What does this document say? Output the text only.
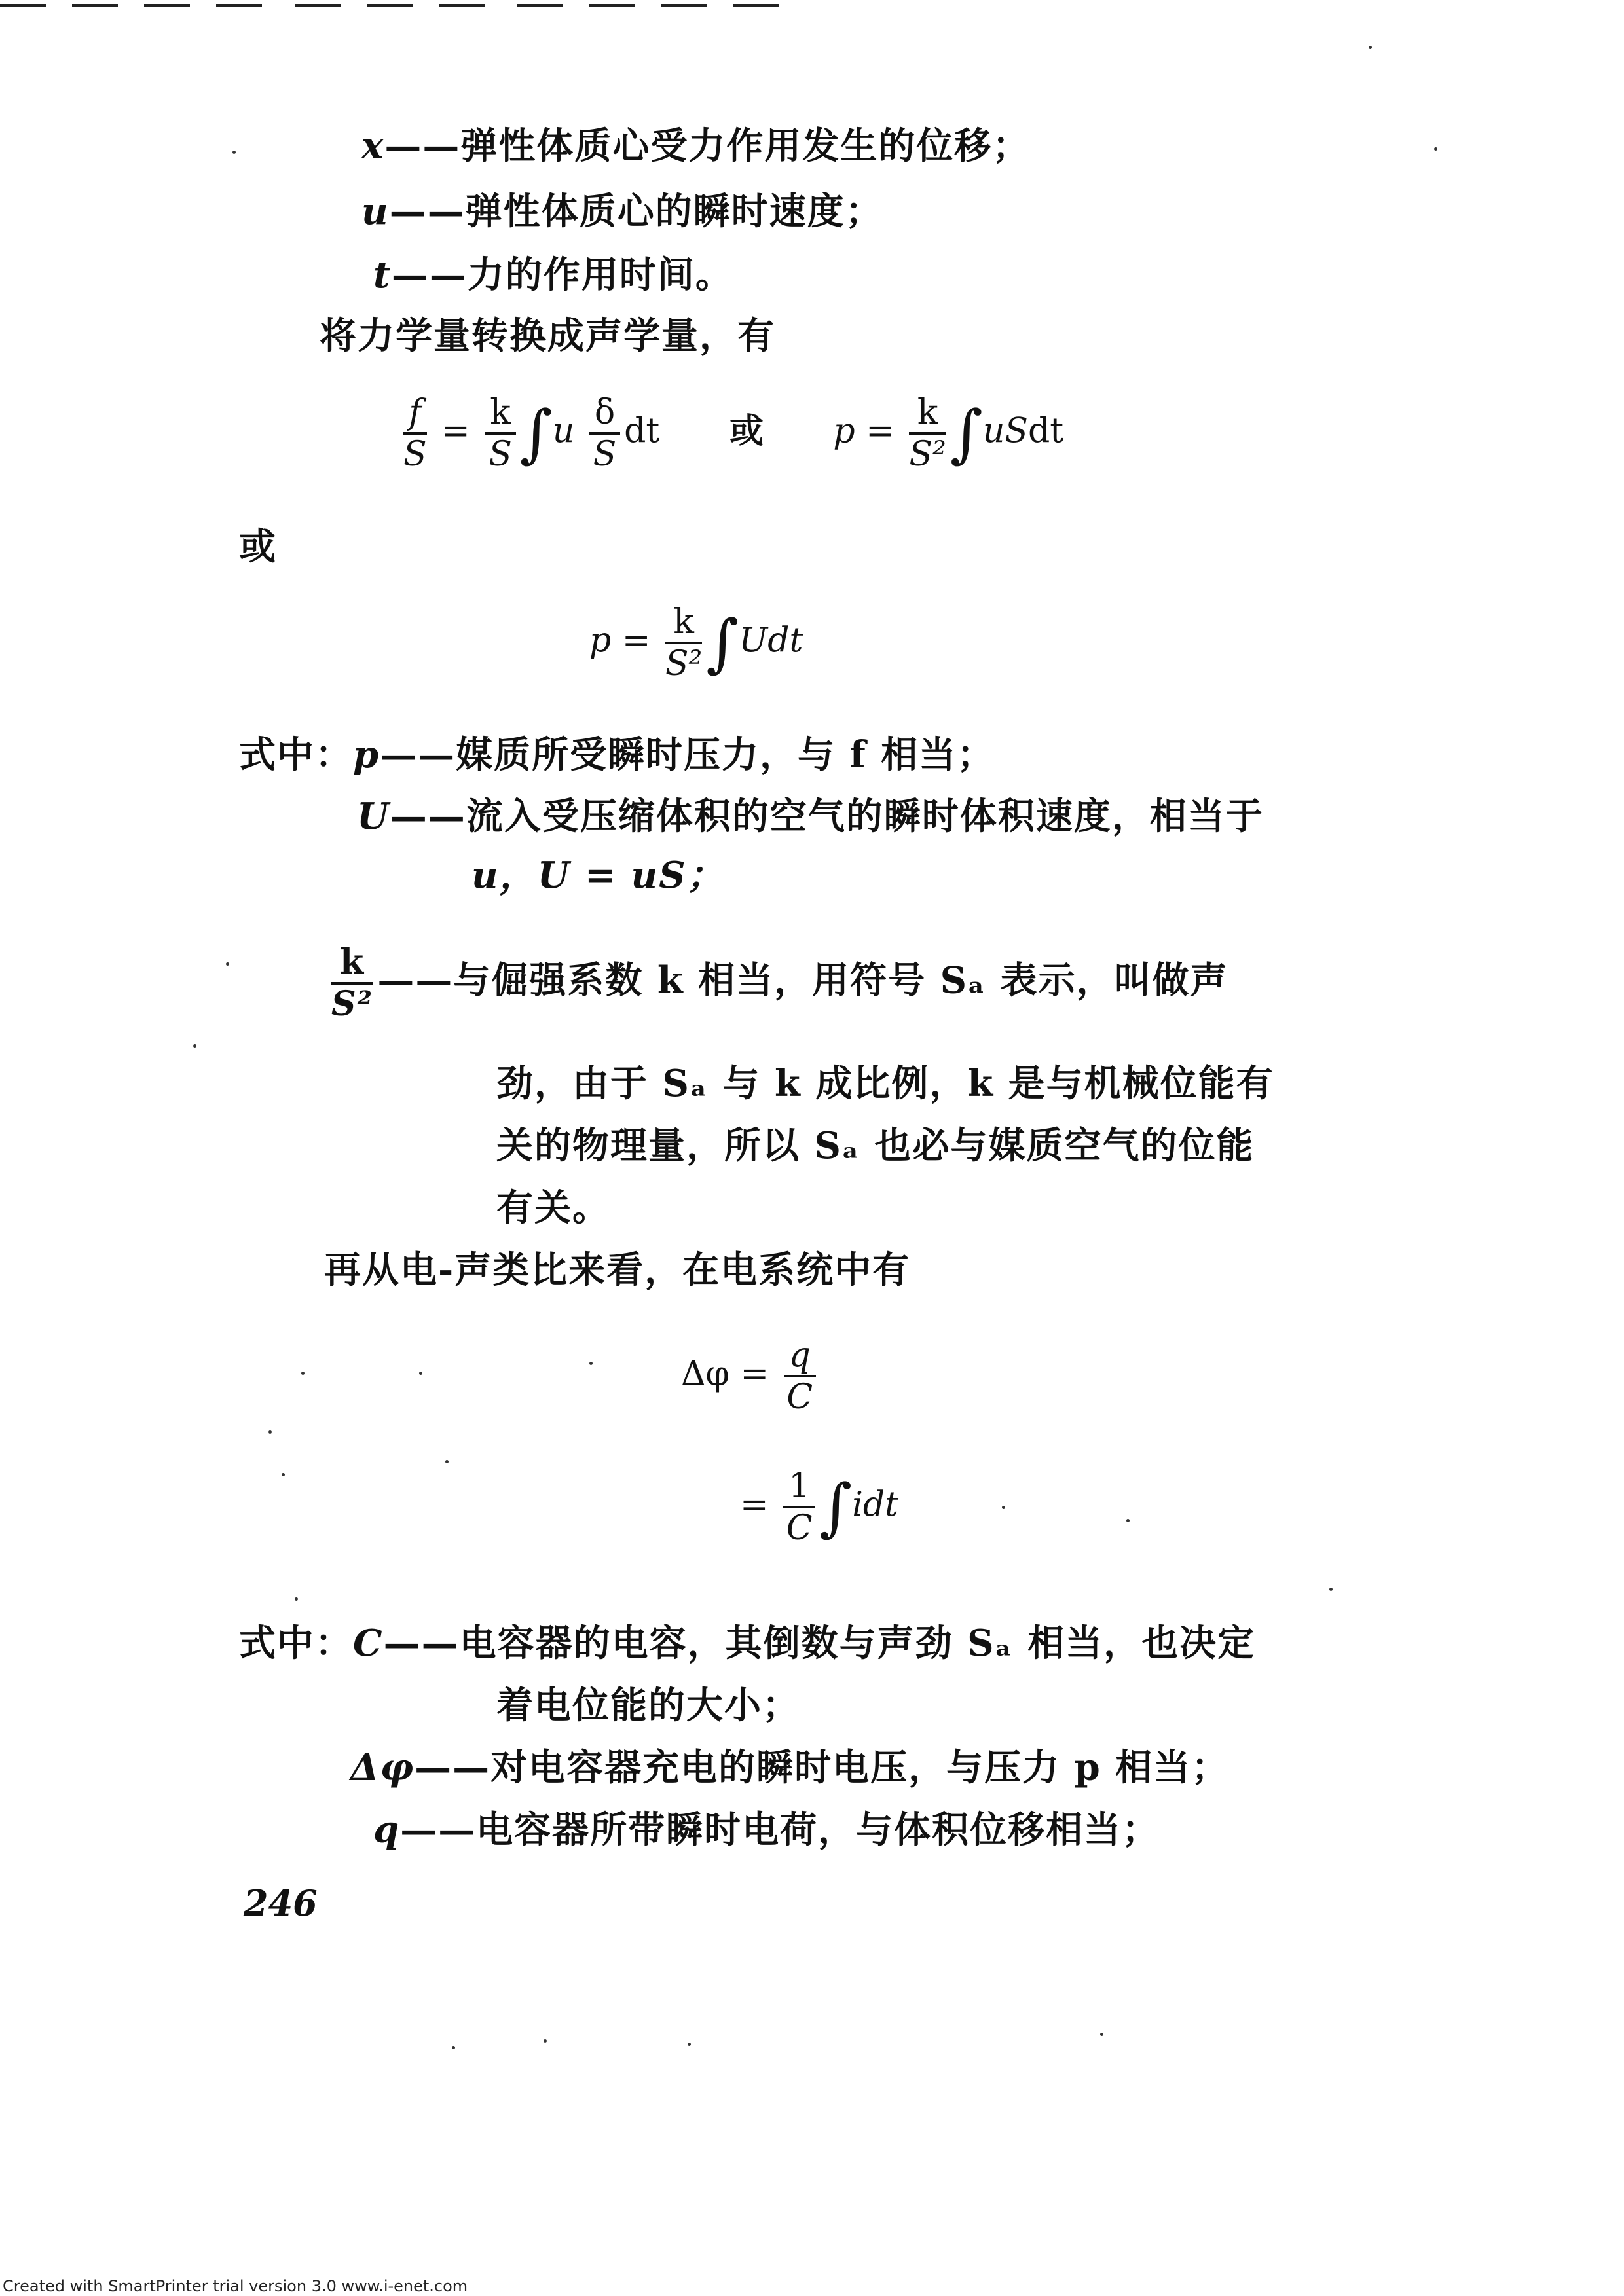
x——弹性体质心受力作用发生的位移；
u——弹性体质心的瞬时速度；
t——力的作用时间。
将力学量转换成声学量，有
$\frac{f}{S} = \frac{k}{S} \int u \frac{\delta}{S}$ dt 或 $p = \frac{k}{\text{S²}}$ ∫uSdt
或
$p = \frac{k}{\text{S²}} \int Udt$
式中：p——媒质所受瞬时压力，与 f 相当；
U——流入受压缩体积的空气的瞬时体积速度，相当于
u，U = uS；
$\frac{k}{\text{S²}}$ ——与倔强系数 k 相当，用符号 Sₐ 表示，叫做声
劲，由于 Sₐ 与 k 成比例，k 是与机械位能有
关的物理量，所以 Sₐ 也必与媒质空气的位能
有关。
再从电-声类比来看，在电系统中有
$\Delta\varphi = \frac{q}{C}$
= $\frac{1}{C} \int idt$
式中：C——电容器的电容，其倒数与声劲 Sₐ 相当，也决定
着电位能的大小；
Δφ——对电容器充电的瞬时电压，与压力 p 相当；
q——电容器所带瞬时电荷，与体积位移相当；
246
Created with SmartPrinter trial version 3.0 www.i-enet.com
